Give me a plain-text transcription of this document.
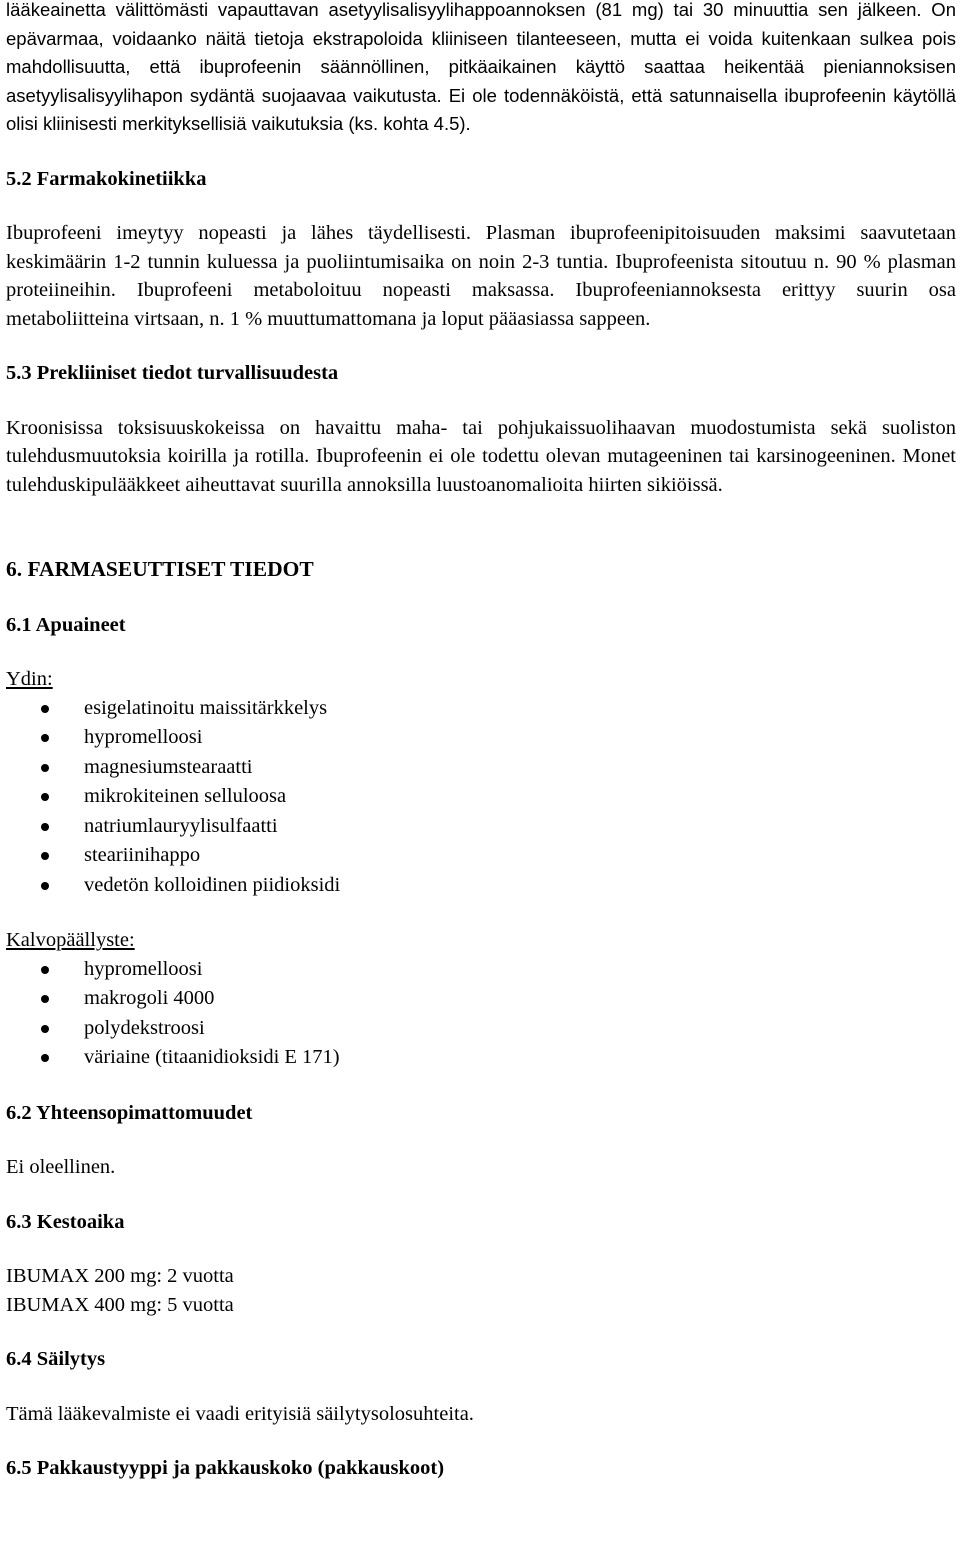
lääkeainetta välittömästi vapauttavan asetyylisalisyylihappoannoksen (81 mg) tai 30 minuuttia sen jälkeen. On epävarmaa, voidaanko näitä tietoja ekstrapoloida kliiniseen tilanteeseen, mutta ei voida kuitenkaan sulkea pois mahdollisuutta, että ibuprofeenin säännöllinen, pitkäaikainen käyttö saattaa heikentää pieniannoksisen asetyylisalisyylihapon sydäntä suojaavaa vaikutusta. Ei ole todennäköistä, että satunnaisella ibuprofeenin käytöllä olisi kliinisesti merkityksellisiä vaikutuksia (ks. kohta 4.5).

5.2 Farmakokinetiikka

Ibuprofeeni imeytyy nopeasti ja lähes täydellisesti. Plasman ibuprofeenipitoisuuden maksimi saavutetaan keskimäärin 1-2 tunnin kuluessa ja puoliintumisaika on noin 2-3 tuntia. Ibuprofeenista sitoutuu n. 90 % plasman proteiineihin. Ibuprofeeni metaboloituu nopeasti maksassa. Ibuprofeeniannoksesta erittyy suurin osa metaboliitteina virtsaan, n. 1 % muuttumattomana ja loput pääasiassa sappeen.

5.3 Prekliiniset tiedot turvallisuudesta

Kroonisissa toksisuuskokeissa on havaittu maha- tai pohjukaissuolihaavan muodostumista sekä suoliston tulehdusmuutoksia koirilla ja rotilla. Ibuprofeenin ei ole todettu olevan mutageeninen tai karsinogeeninen. Monet tulehduskipulääkkeet aiheuttavat suurilla annoksilla luustoanomalioita hiirten sikiöissä.

6. FARMASEUTTISET TIEDOT
6.1 Apuaineet

Ydin:

esigelatinoitu maissitärkkelys
hypromelloosi
magnesiumstearaatti
mikrokiteinen selluloosa
natriumlauryylisulfaatti
steariinihappo
vedetön kolloidinen piidioksidi

Kalvopäällyste:

hypromelloosi
makrogoli 4000
polydekstroosi
väriaine (titaanidioksidi E 171)
6.2 Yhteensopimattomuudet

Ei oleellinen.

6.3 Kestoaika

IBUMAX 200 mg: 2 vuotta

IBUMAX 400 mg: 5 vuotta

6.4 Säilytys

Tämä lääkevalmiste ei vaadi erityisiä säilytysolosuhteita.

6.5 Pakkaustyyppi ja pakkauskoko (pakkauskoot)
